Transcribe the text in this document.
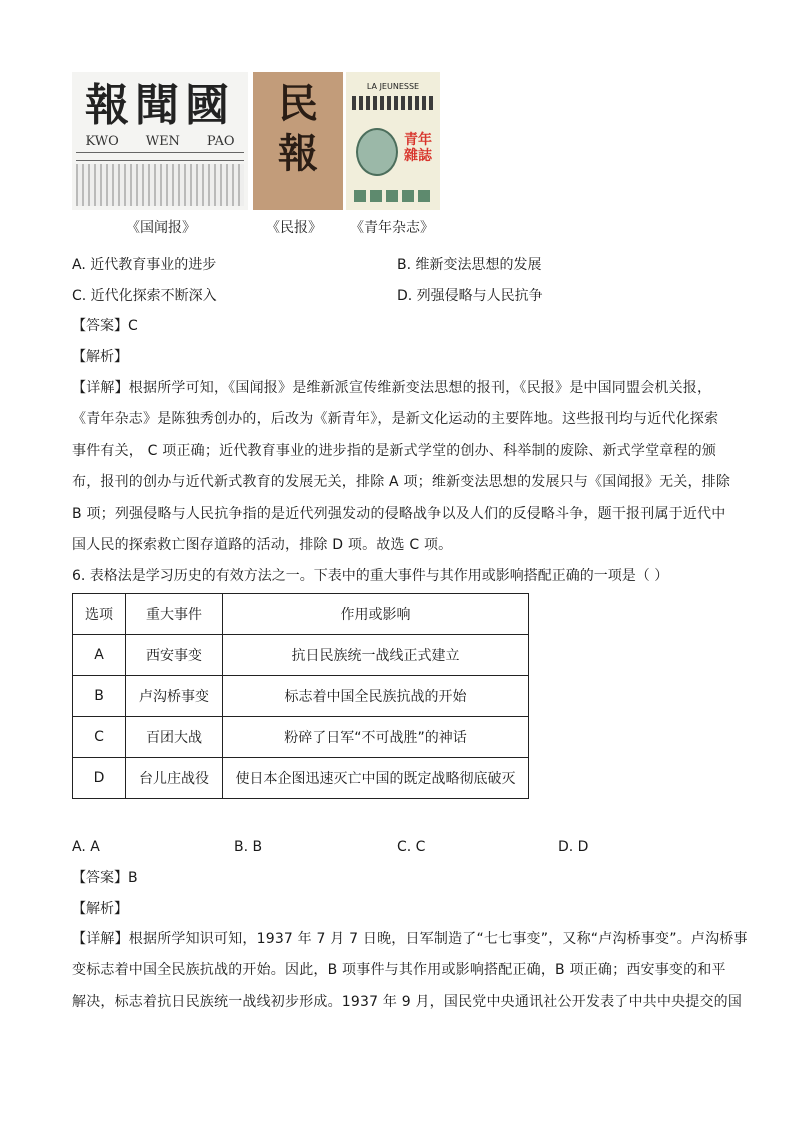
報聞國
KWO WEN PAO
《国闻报》
民
報
《民报》
LA JEUNESSE
青年雜誌
《青年杂志》
A. 近代教育事业的进步	B. 维新变法思想的发展
C. 近代化探索不断深入	D. 列强侵略与人民抗争
【答案】C
【解析】
【详解】根据所学可知，《国闻报》是维新派宣传维新变法思想的报刊，《民报》是中国同盟会机关报，
《青年杂志》是陈独秀创办的，后改为《新青年》，是新文化运动的主要阵地。这些报刊均与近代化探索
事件有关， C 项正确；近代教育事业的进步指的是新式学堂的创办、科举制的废除、新式学堂章程的颁
布，报刊的创办与近代新式教育的发展无关，排除 A 项；维新变法思想的发展只与《国闻报》无关，排除
B 项；列强侵略与人民抗争指的是近代列强发动的侵略战争以及人们的反侵略斗争，题干报刊属于近代中
国人民的探索救亡图存道路的活动，排除 D 项。故选 C 项。
6. 表格法是学习历史的有效方法之一。下表中的重大事件与其作用或影响搭配正确的一项是（ ）
选项	重大事件	作用或影响
A	西安事变	抗日民族统一战线正式建立
B	卢沟桥事变	标志着中国全民族抗战的开始
C	百团大战	粉碎了日军“不可战胜”的神话
D	台儿庄战役	使日本企图迅速灭亡中国的既定战略彻底破灭
A. A	B. B	C. C	D. D
【答案】B
【解析】
【详解】根据所学知识可知，1937 年 7 月 7 日晚，日军制造了“七七事变”，又称“卢沟桥事变”。卢沟桥事
变标志着中国全民族抗战的开始。因此，B 项事件与其作用或影响搭配正确，B 项正确；西安事变的和平
解决，标志着抗日民族统一战线初步形成。1937 年 9 月，国民党中央通讯社公开发表了中共中央提交的国
